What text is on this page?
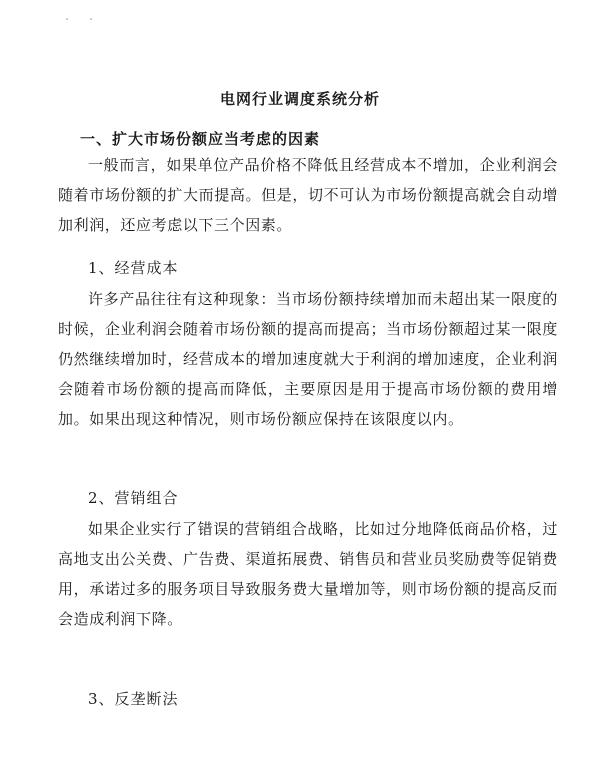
电网行业调度系统分析
一、扩大市场份额应当考虑的因素
一般而言，如果单位产品价格不降低且经营成本不增加，企业利润会随着市场份额的扩大而提高。但是，切不可认为市场份额提高就会自动增加利润，还应考虑以下三个因素。
1、经营成本
许多产品往往有这种现象：当市场份额持续增加而未超出某一限度的时候，企业利润会随着市场份额的提高而提高；当市场份额超过某一限度仍然继续增加时，经营成本的增加速度就大于利润的增加速度，企业利润会随着市场份额的提高而降低，主要原因是用于提高市场份额的费用增加。如果出现这种情况，则市场份额应保持在该限度以内。
2、营销组合
如果企业实行了错误的营销组合战略，比如过分地降低商品价格，过高地支出公关费、广告费、渠道拓展费、销售员和营业员奖励费等促销费用，承诺过多的服务项目导致服务费大量增加等，则市场份额的提高反而会造成利润下降。
3、反垄断法
